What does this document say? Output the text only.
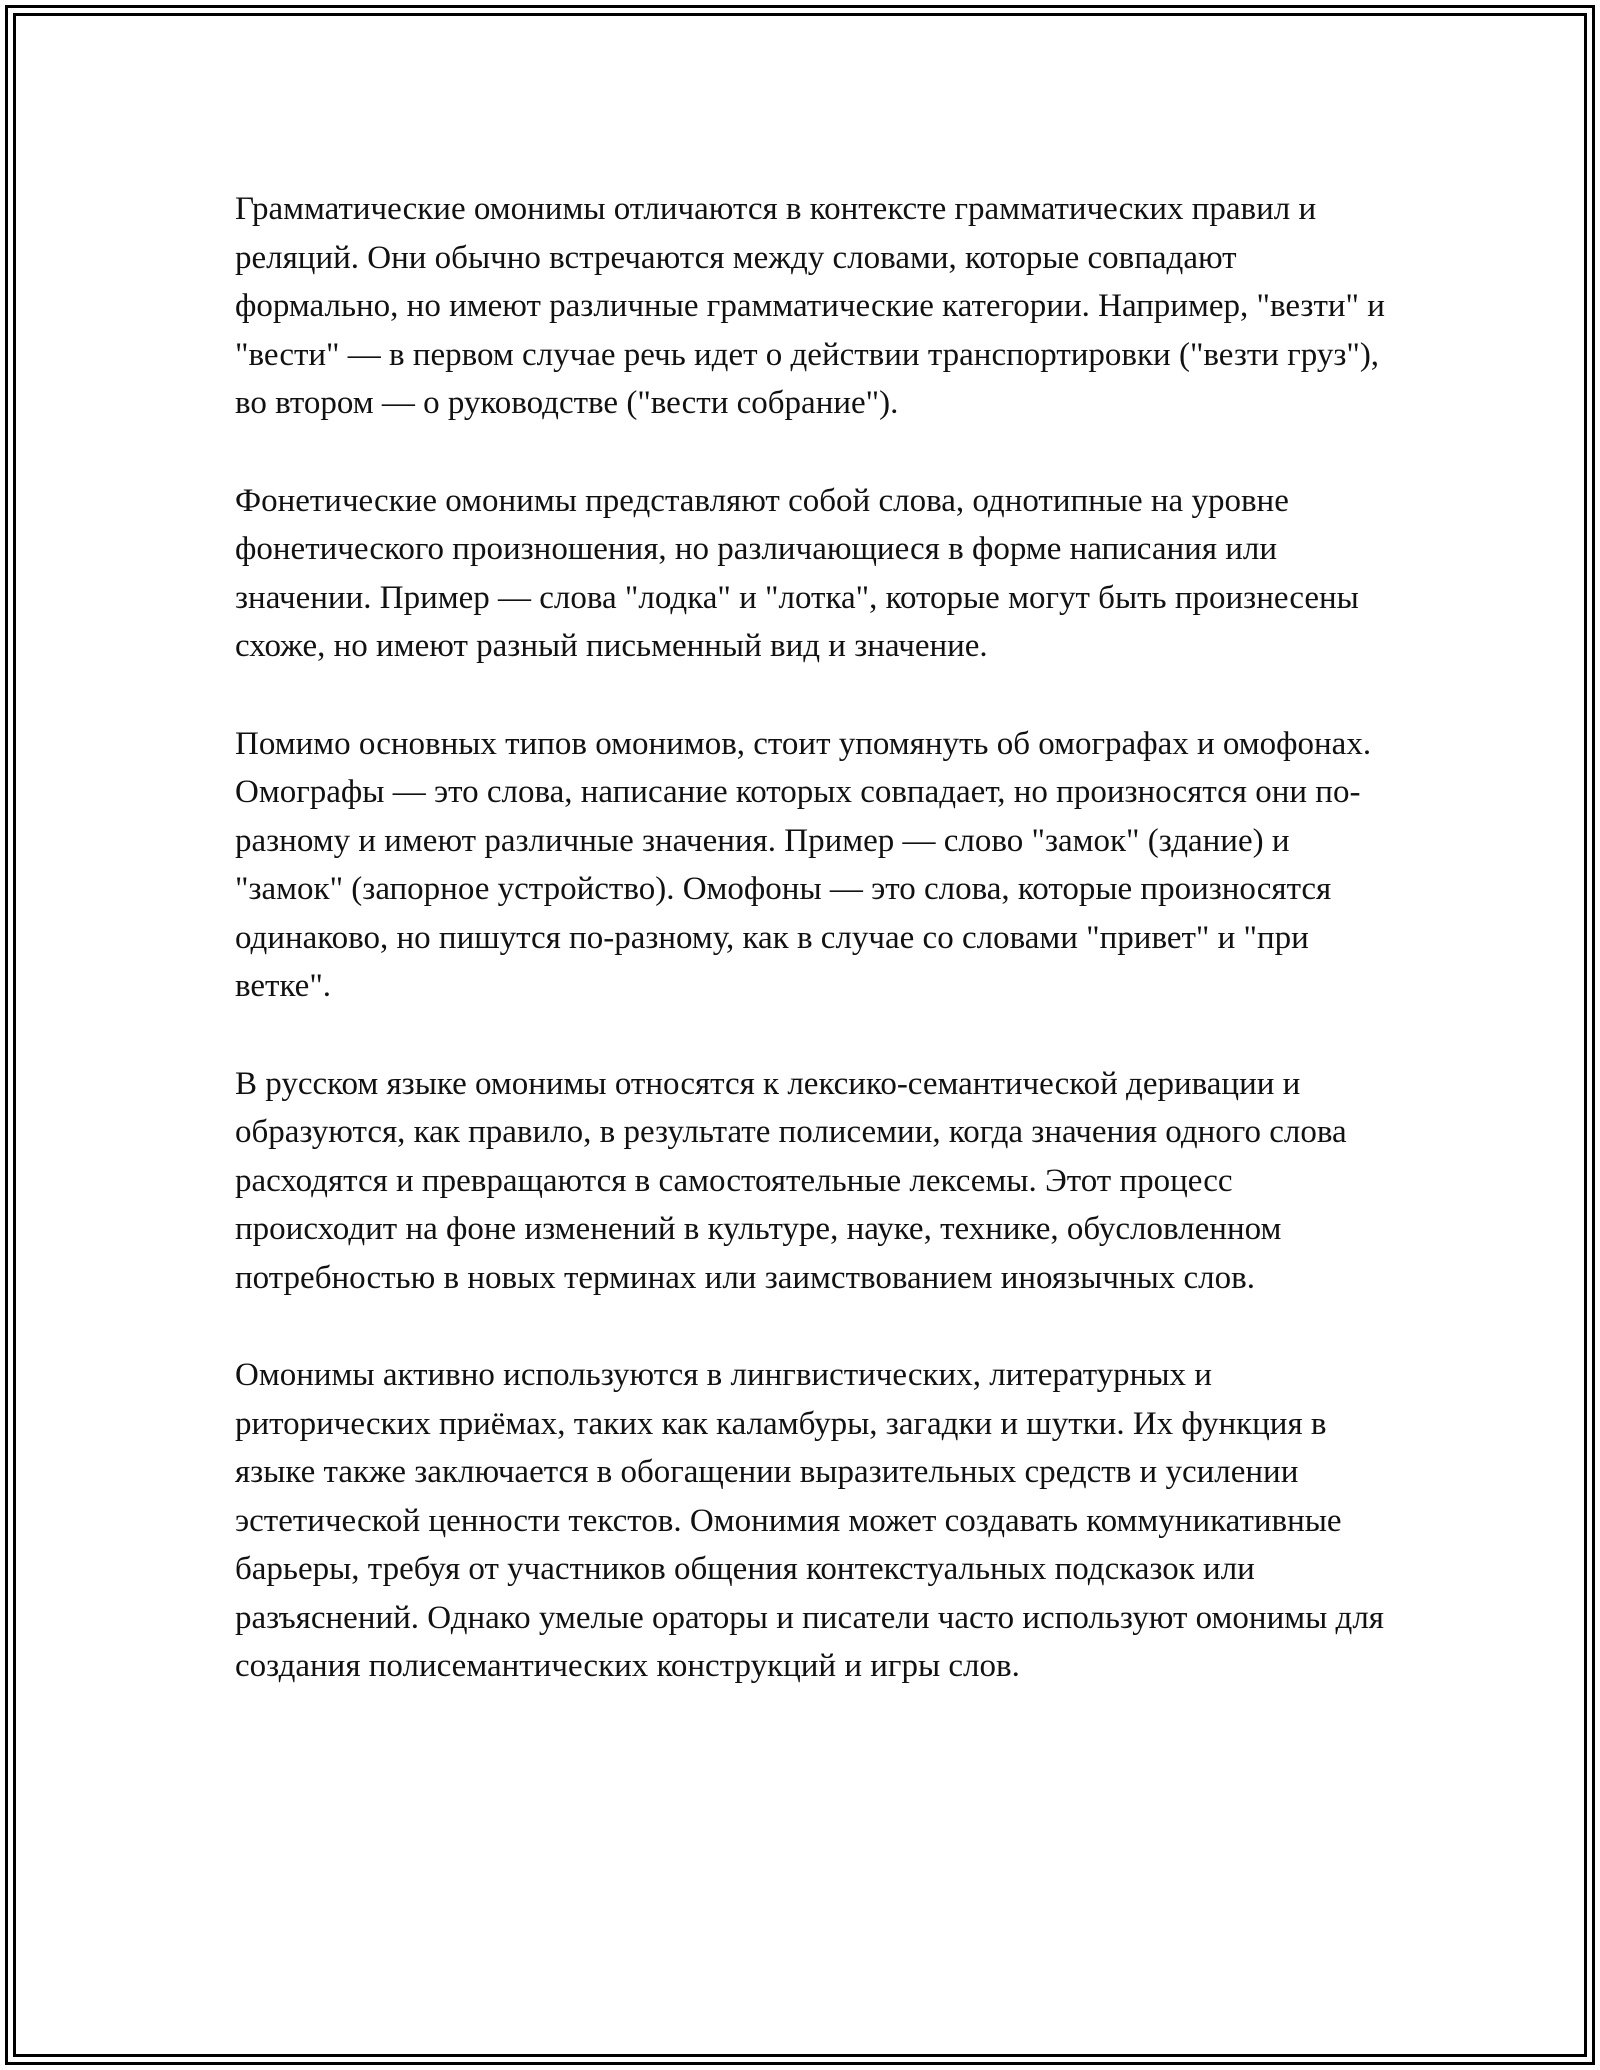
Грамматические омонимы отличаются в контексте грамматических правил и реляций. Они обычно встречаются между словами, которые совпадают формально, но имеют различные грамматические категории. Например, "везти" и "вести" — в первом случае речь идет о действии транспортировки ("везти груз"), во втором — о руководстве ("вести собрание").

Фонетические омонимы представляют собой слова, однотипные на уровне фонетического произношения, но различающиеся в форме написания или значении. Пример — слова "лодка" и "лотка", которые могут быть произнесены схоже, но имеют разный письменный вид и значение.

Помимо основных типов омонимов, стоит упомянуть об омографах и омофонах. Омографы — это слова, написание которых совпадает, но произносятся они по-разному и имеют различные значения. Пример — слово "замок" (здание) и "замок" (запорное устройство). Омофоны — это слова, которые произносятся одинаково, но пишутся по-разному, как в случае со словами "привет" и "при ветке".

В русском языке омонимы относятся к лексико-семантической деривации и образуются, как правило, в результате полисемии, когда значения одного слова расходятся и превращаются в самостоятельные лексемы. Этот процесс происходит на фоне изменений в культуре, науке, технике, обусловленном потребностью в новых терминах или заимствованием иноязычных слов.

Омонимы активно используются в лингвистических, литературных и риторических приёмах, таких как каламбуры, загадки и шутки. Их функция в языке также заключается в обогащении выразительных средств и усилении эстетической ценности текстов. Омонимия может создавать коммуникативные барьеры, требуя от участников общения контекстуальных подсказок или разъяснений. Однако умелые ораторы и писатели часто используют омонимы для создания полисемантических конструкций и игры слов.
